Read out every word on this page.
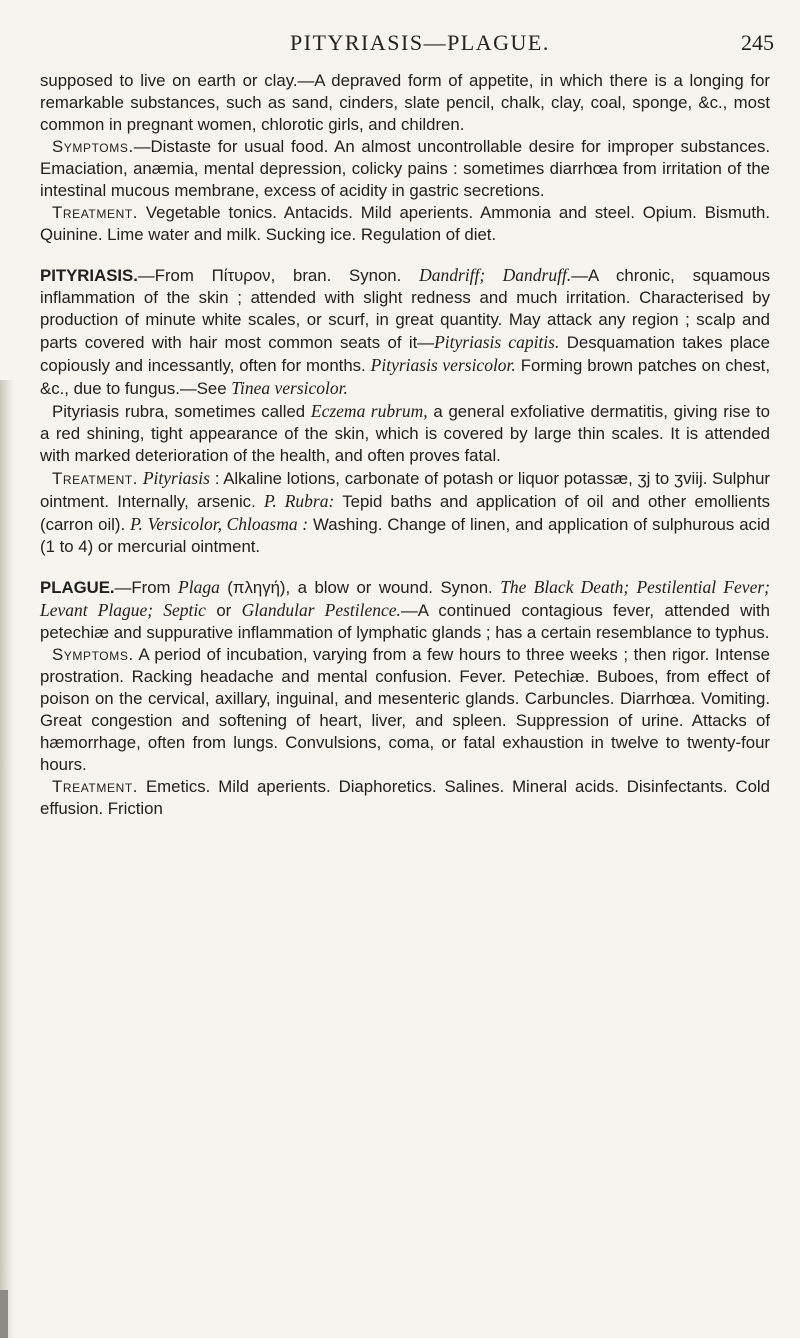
PITYRIASIS—PLAGUE.	245

supposed to live on earth or clay.—A depraved form of appetite, in which there is a longing for remarkable substances, such as sand, cinders, slate pencil, chalk, clay, coal, sponge, &c., most common in pregnant women, chlorotic girls, and children.

Symptoms.—Distaste for usual food. An almost uncontrollable desire for improper substances. Emaciation, anæmia, mental depression, colicky pains : sometimes diarrhœa from irritation of the intestinal mucous membrane, excess of acidity in gastric secretions.

Treatment. Vegetable tonics. Antacids. Mild aperients. Ammonia and steel. Opium. Bismuth. Quinine. Lime water and milk. Sucking ice. Regulation of diet.

PITYRIASIS.—From Πίτυρον, bran. Synon. Dandriff; Dandruff.—A chronic, squamous inflammation of the skin ; attended with slight redness and much irritation. Characterised by production of minute white scales, or scurf, in great quantity. May attack any region ; scalp and parts covered with hair most common seats of it—Pityriasis capitis. Desquamation takes place copiously and incessantly, often for months. Pityriasis versicolor. Forming brown patches on chest, &c., due to fungus.—See Tinea versicolor.

Pityriasis rubra, sometimes called Eczema rubrum, a general exfoliative dermatitis, giving rise to a red shining, tight appearance of the skin, which is covered by large thin scales. It is attended with marked deterioration of the health, and often proves fatal.

Treatment. Pityriasis : Alkaline lotions, carbonate of potash or liquor potassæ, ʒj to ʒviij. Sulphur ointment. Internally, arsenic. P. Rubra: Tepid baths and application of oil and other emollients (carron oil). P. Versicolor, Chloasma : Washing. Change of linen, and application of sulphurous acid (1 to 4) or mercurial ointment.

PLAGUE.—From Plaga (πληγή), a blow or wound. Synon. The Black Death; Pestilential Fever; Levant Plague; Septic or Glandular Pestilence.—A continued contagious fever, attended with petechiæ and suppurative inflammation of lymphatic glands ; has a certain resemblance to typhus.

Symptoms. A period of incubation, varying from a few hours to three weeks ; then rigor. Intense prostration. Racking headache and mental confusion. Fever. Petechiæ. Buboes, from effect of poison on the cervical, axillary, inguinal, and mesenteric glands. Carbuncles. Diarrhœa. Vomiting. Great congestion and softening of heart, liver, and spleen. Suppression of urine. Attacks of hæmorrhage, often from lungs. Convulsions, coma, or fatal exhaustion in twelve to twenty-four hours.

Treatment. Emetics. Mild aperients. Diaphoretics. Salines. Mineral acids. Disinfectants. Cold effusion. Friction
